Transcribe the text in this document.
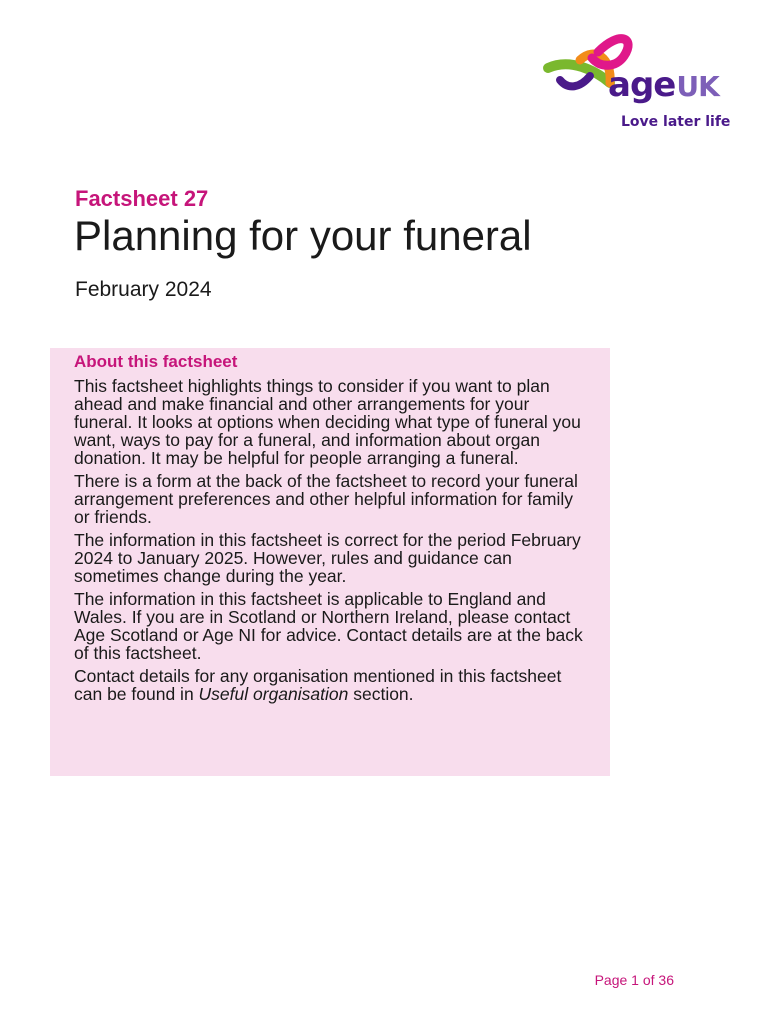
ageUK
Love later life
Factsheet 27
Planning for your funeral
February 2024
About this factsheet

This factsheet highlights things to consider if you want to plan ahead and make financial and other arrangements for your funeral. It looks at options when deciding what type of funeral you want, ways to pay for a funeral, and information about organ donation. It may be helpful for people arranging a funeral.

There is a form at the back of the factsheet to record your funeral arrangement preferences and other helpful information for family or friends.

The information in this factsheet is correct for the period February 2024 to January 2025. However, rules and guidance can sometimes change during the year.

The information in this factsheet is applicable to England and Wales. If you are in Scotland or Northern Ireland, please contact Age Scotland or Age NI for advice. Contact details are at the back of this factsheet.

Contact details for any organisation mentioned in this factsheet can be found in Useful organisation section.

Page 1 of 36
